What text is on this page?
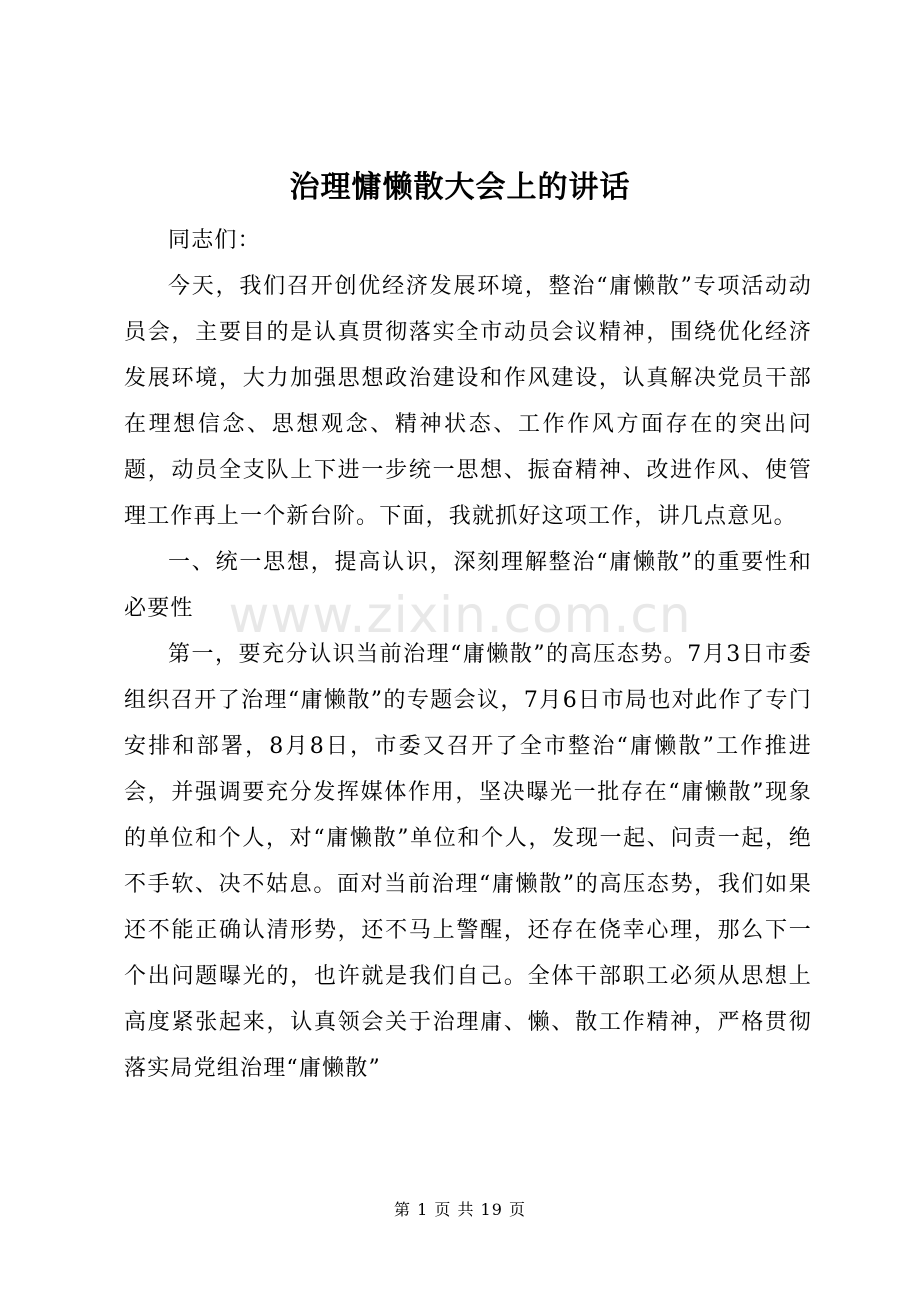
治理慵懒散大会上的讲话

同志们：

今天，我们召开创优经济发展环境，整治“庸懒散”专项活动动员会，主要目的是认真贯彻落实全市动员会议精神，围绕优化经济发展环境，大力加强思想政治建设和作风建设，认真解决党员干部在理想信念、思想观念、精神状态、工作作风方面存在的突出问题，动员全支队上下进一步统一思想、振奋精神、改进作风、使管理工作再上一个新台阶。下面，我就抓好这项工作，讲几点意见。

一、统一思想，提高认识，深刻理解整治“庸懒散”的重要性和必要性

第一，要充分认识当前治理“庸懒散”的高压态势。7月3日市委组织召开了治理“庸懒散”的专题会议，7月6日市局也对此作了专门安排和部署，8月8日，市委又召开了全市整治“庸懒散”工作推进会，并强调要充分发挥媒体作用，坚决曝光一批存在“庸懒散”现象的单位和个人，对“庸懒散”单位和个人，发现一起、问责一起，绝不手软、决不姑息。面对当前治理“庸懒散”的高压态势，我们如果还不能正确认清形势，还不马上警醒，还存在侥幸心理，那么下一个出问题曝光的，也许就是我们自己。全体干部职工必须从思想上高度紧张起来，认真领会关于治理庸、懒、散工作精神，严格贯彻落实局党组治理“庸懒散”

www.zixin.com.cn
第 1 页 共 19 页
